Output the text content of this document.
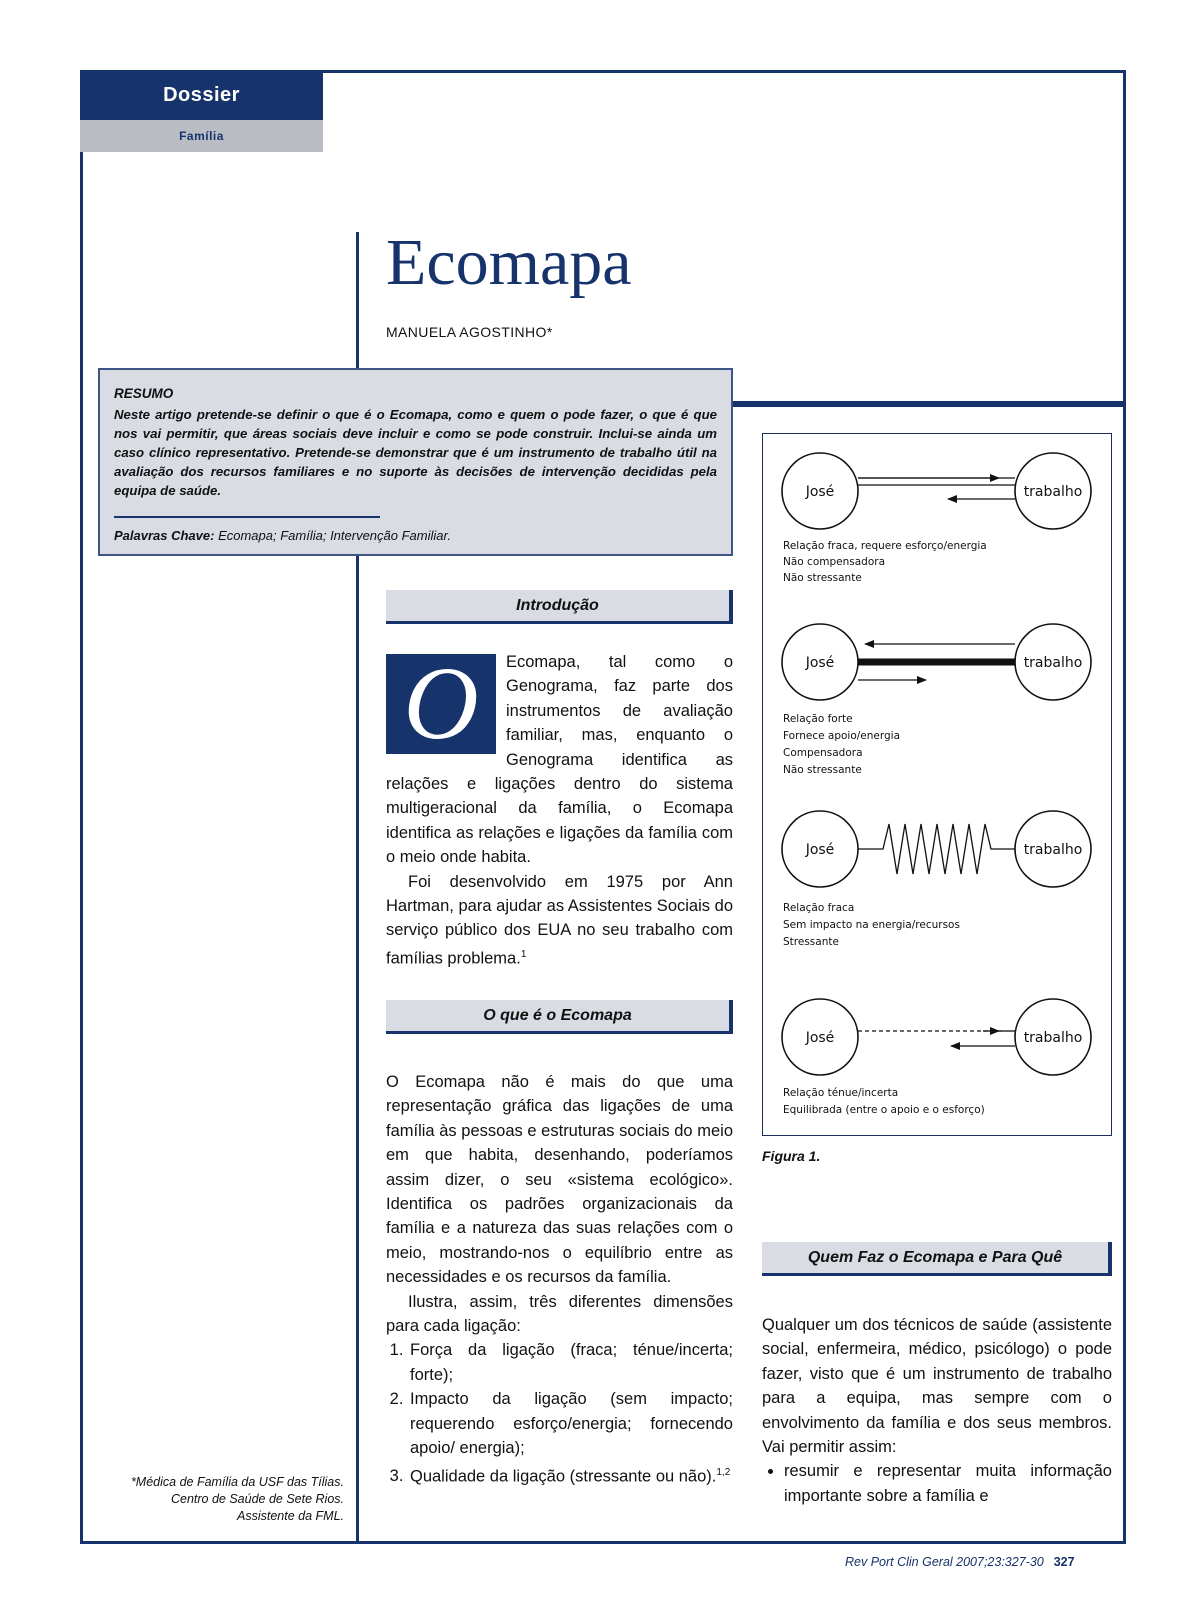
Dossier
Família
Ecomapa
MANUELA AGOSTINHO*

RESUMO

Neste artigo pretende-se definir o que é o Ecomapa, como e quem o pode fazer, o que é que nos vai permitir, que áreas sociais deve incluir e como se pode construir. Inclui-se ainda um caso clínico representativo. Pretende-se demonstrar que é um instrumento de trabalho útil na avaliação dos recursos familiares e no suporte às decisões de intervenção decididas pela equipa de saúde.

Palavras Chave: Ecomapa; Família; Intervenção Familiar.

Introdução
O	Ecomapa, tal como o Genograma, faz parte dos instrumentos de avaliação familiar, mas, enquanto o Genograma identifica as relações e ligações dentro do sistema multigeracional da família, o Ecomapa identifica as relações e ligações da família com o meio onde habita.

Foi desenvolvido em 1975 por Ann Hartman, para ajudar as Assistentes Sociais do serviço público dos EUA no seu trabalho com famílias problema.$^1$

O que é o Ecomapa

O Ecomapa não é mais do que uma representação gráfica das ligações de uma família às pessoas e estruturas sociais do meio em que habita, desenhando, poderíamos assim dizer, o seu «sistema ecológico». Identifica os padrões organizacionais da família e a natureza das suas relações com o meio, mostrando-nos o equilíbrio entre as necessidades e os recursos da família.

Ilustra, assim, três diferentes dimensões para cada ligação:

1. Força da ligação (fraca; ténue/incerta; forte);
2. Impacto da ligação (sem impacto; requerendo esforço/energia; fornecendo apoio/ energia);
3. Qualidade da ligação (stressante ou não).$^{1,2}$
José	trabalho
Relação fraca, requere esforço/energia
Não compensadora
Não stressante
José	trabalho
Relação forte
Fornece apoio/energia
Compensadora
Não stressante
José	trabalho
Relação fraca
Sem impacto na energia/recursos
Stressante
José	trabalho
Relação ténue/incerta
Equilibrada (entre o apoio e o esforço)
Figura 1.
Quem Faz o Ecomapa e Para Quê

Qualquer um dos técnicos de saúde (assistente social, enfermeira, médico, psicólogo) o pode fazer, visto que é um instrumento de trabalho para a equipa, mas sempre com o envolvimento da família e dos seus membros. Vai permitir assim:

• resumir e representar muita informação importante sobre a família e
*Médica de Família da USF das Tílias. Centro de Saúde de Sete Rios. Assistente da FML.
Rev Port Clin Geral 2007;23:327-30 327
